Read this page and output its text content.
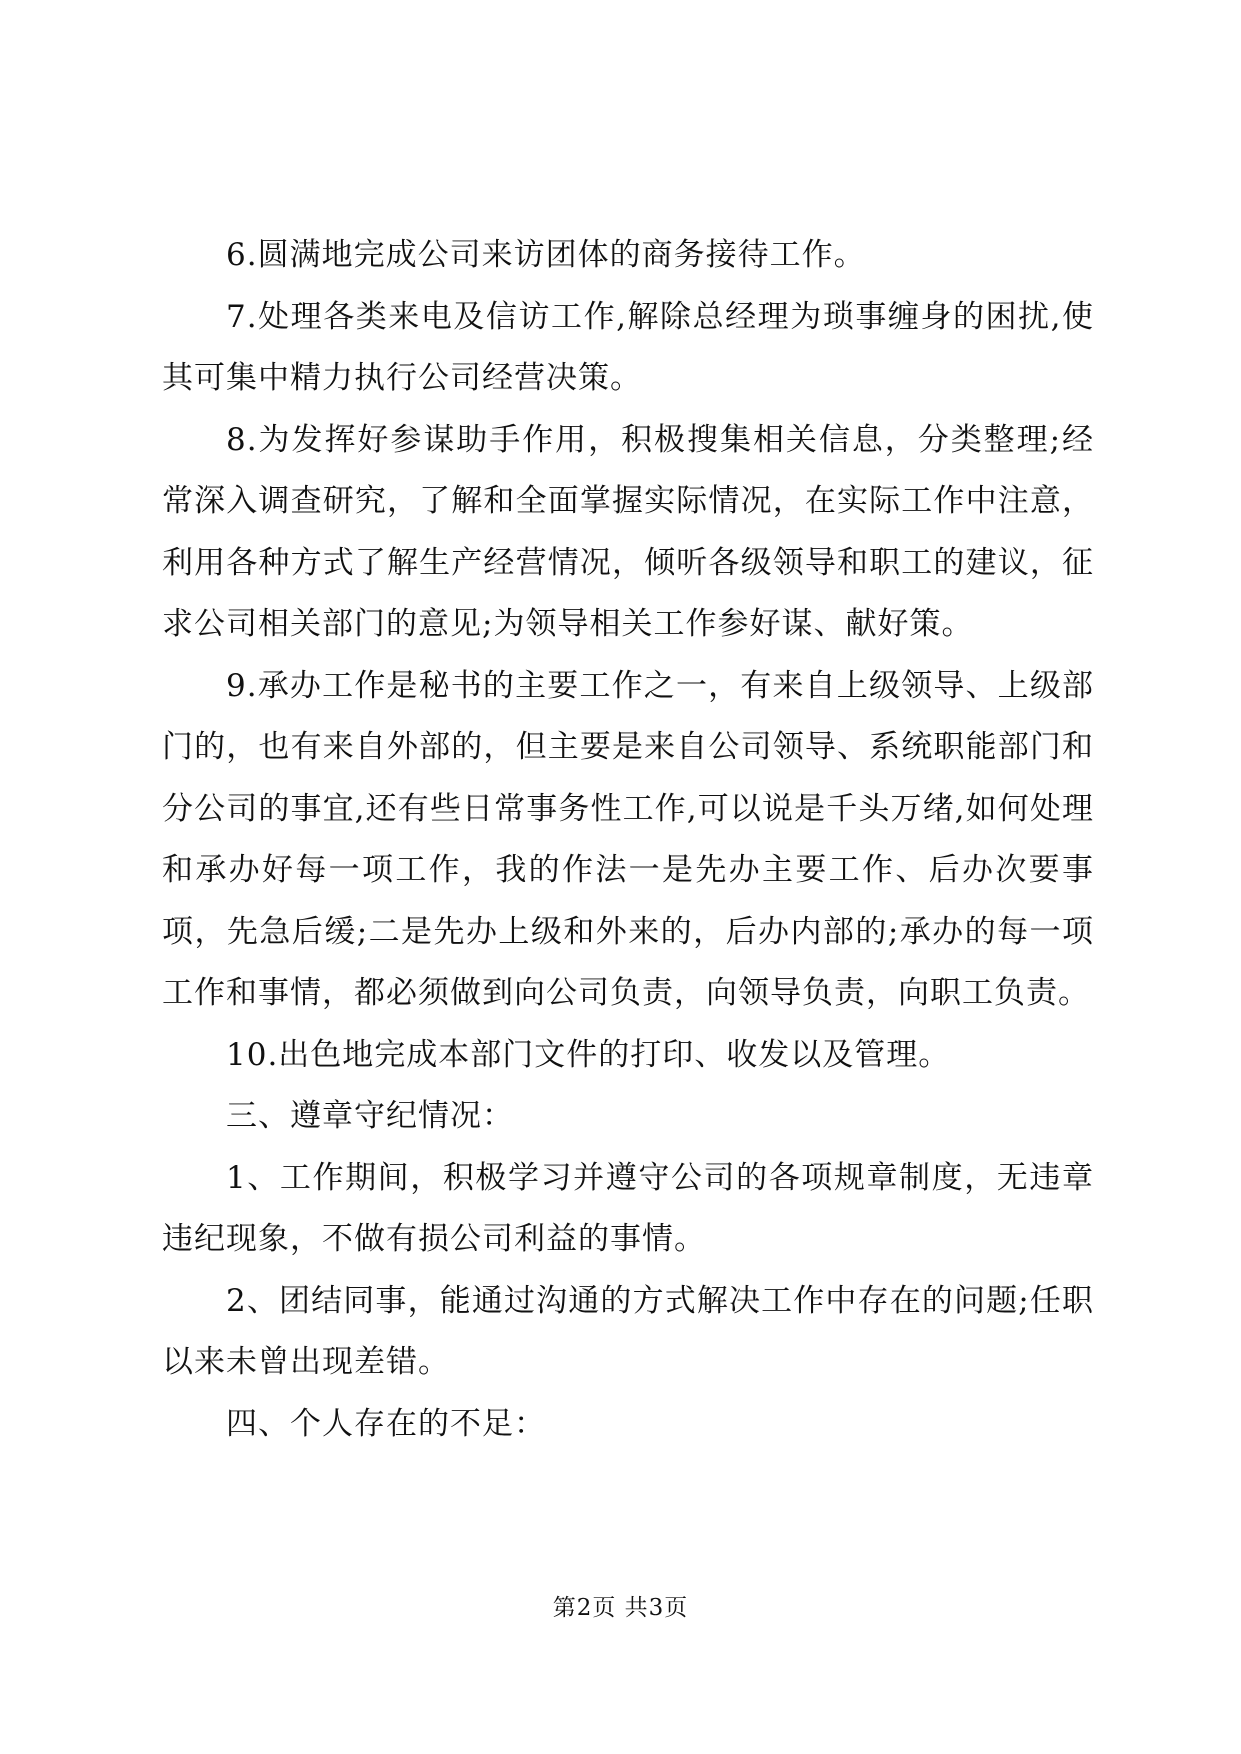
6.圆满地完成公司来访团体的商务接待工作。

7.处理各类来电及信访工作,解除总经理为琐事缠身的困扰,使其可集中精力执行公司经营决策。

8.为发挥好参谋助手作用，积极搜集相关信息，分类整理;经常深入调查研究，了解和全面掌握实际情况，在实际工作中注意，利用各种方式了解生产经营情况，倾听各级领导和职工的建议，征求公司相关部门的意见;为领导相关工作参好谋、献好策。

9.承办工作是秘书的主要工作之一，有来自上级领导、上级部门的，也有来自外部的，但主要是来自公司领导、系统职能部门和分公司的事宜,还有些日常事务性工作,可以说是千头万绪,如何处理和承办好每一项工作，我的作法一是先办主要工作、后办次要事项，先急后缓;二是先办上级和外来的，后办内部的;承办的每一项工作和事情，都必须做到向公司负责，向领导负责，向职工负责。

10.出色地完成本部门文件的打印、收发以及管理。

三、遵章守纪情况：

1、工作期间，积极学习并遵守公司的各项规章制度，无违章违纪现象，不做有损公司利益的事情。

2、团结同事，能通过沟通的方式解决工作中存在的问题;任职以来未曾出现差错。

四、个人存在的不足：

第2页 共3页
